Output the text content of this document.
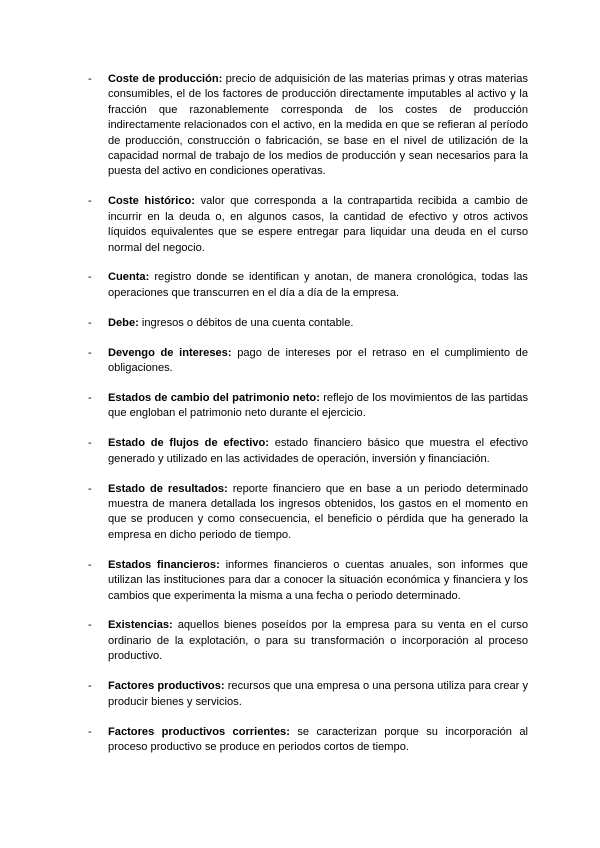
- Coste de producción: precio de adquisición de las materias primas y otras materias consumibles, el de los factores de producción directamente imputables al activo y la fracción que razonablemente corresponda de los costes de producción indirectamente relacionados con el activo, en la medida en que se refieran al período de producción, construcción o fabricación, se base en el nivel de utilización de la capacidad normal de trabajo de los medios de producción y sean necesarios para la puesta del activo en condiciones operativas.
- Coste histórico: valor que corresponda a la contrapartida recibida a cambio de incurrir en la deuda o, en algunos casos, la cantidad de efectivo y otros activos líquidos equivalentes que se espere entregar para liquidar una deuda en el curso normal del negocio.
- Cuenta: registro donde se identifican y anotan, de manera cronológica, todas las operaciones que transcurren en el día a día de la empresa.
- Debe: ingresos o débitos de una cuenta contable.
- Devengo de intereses: pago de intereses por el retraso en el cumplimiento de obligaciones.
- Estados de cambio del patrimonio neto: reflejo de los movimientos de las partidas que engloban el patrimonio neto durante el ejercicio.
- Estado de flujos de efectivo: estado financiero básico que muestra el efectivo generado y utilizado en las actividades de operación, inversión y financiación.
- Estado de resultados: reporte financiero que en base a un periodo determinado muestra de manera detallada los ingresos obtenidos, los gastos en el momento en que se producen y como consecuencia, el beneficio o pérdida que ha generado la empresa en dicho periodo de tiempo.
- Estados financieros: informes financieros o cuentas anuales, son informes que utilizan las instituciones para dar a conocer la situación económica y financiera y los cambios que experimenta la misma a una fecha o periodo determinado.
- Existencias: aquellos bienes poseídos por la empresa para su venta en el curso ordinario de la explotación, o para su transformación o incorporación al proceso productivo.
- Factores productivos: recursos que una empresa o una persona utiliza para crear y producir bienes y servicios.
- Factores productivos corrientes: se caracterizan porque su incorporación al proceso productivo se produce en periodos cortos de tiempo.
